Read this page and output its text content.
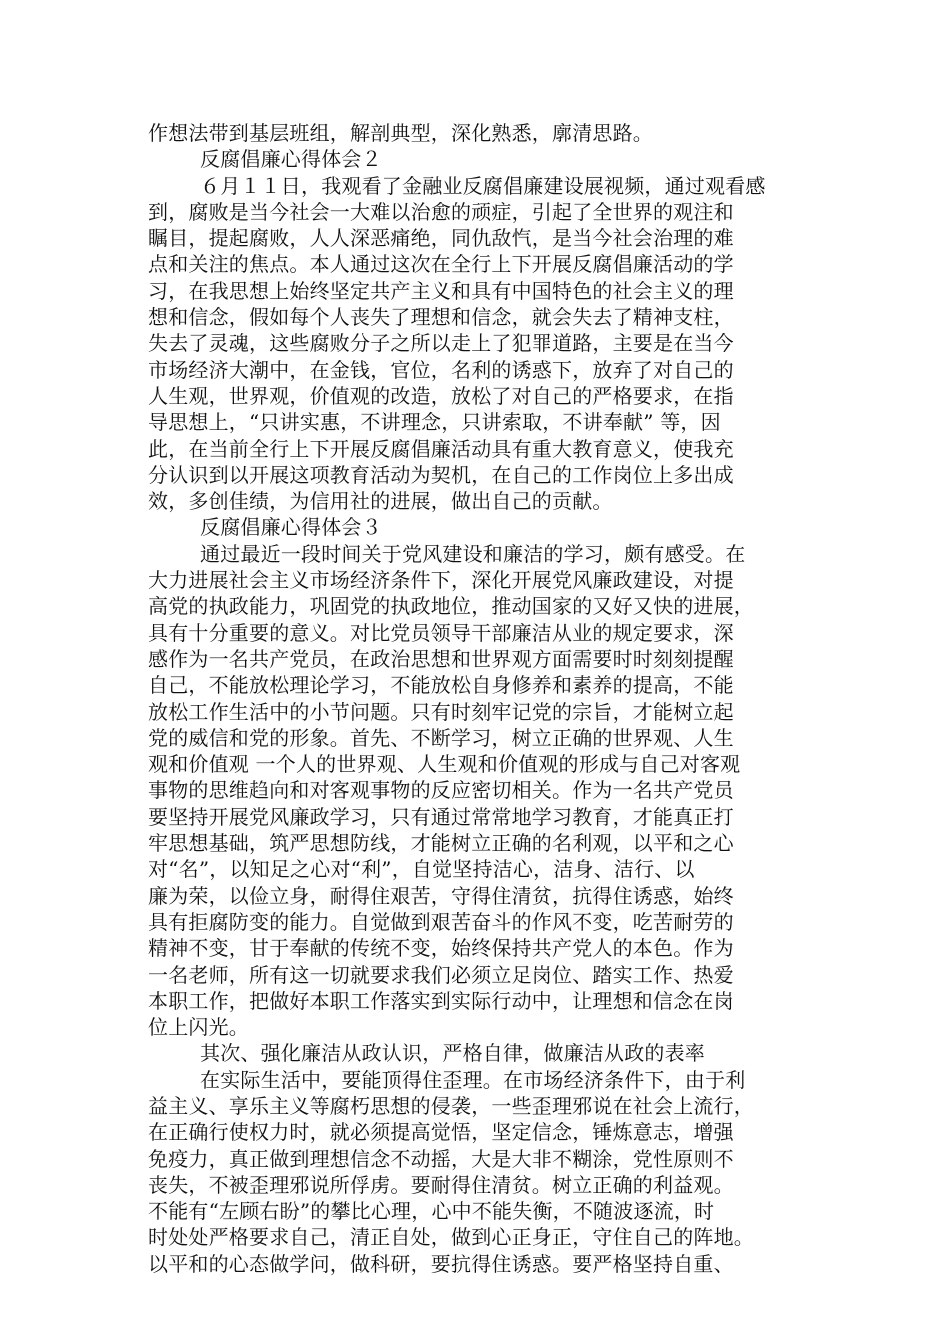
作想法带到基层班组，解剖典型，深化熟悉，廓清思路。
反腐倡廉心得体会２
６月１１日，我观看了金融业反腐倡廉建设展视频，通过观看感
到，腐败是当今社会一大难以治愈的顽症，引起了全世界的观注和
瞩目，提起腐败，人人深恶痛绝，同仇敌忾，是当今社会治理的难
点和关注的焦点。本人通过这次在全行上下开展反腐倡廉活动的学
习，在我思想上始终坚定共产主义和具有中国特色的社会主义的理
想和信念，假如每个人丧失了理想和信念，就会失去了精神支柱，
失去了灵魂，这些腐败分子之所以走上了犯罪道路，主要是在当今
市场经济大潮中，在金钱，官位，名利的诱惑下，放弃了对自己的
人生观，世界观，价值观的改造，放松了对自己的严格要求，在指
导思想上，“只讲实惠，不讲理念，只讲索取，不讲奉献” 等，因
此，在当前全行上下开展反腐倡廉活动具有重大教育意义，使我充
分认识到以开展这项教育活动为契机，在自己的工作岗位上多出成
效，多创佳绩，为信用社的进展，做出自己的贡献。
反腐倡廉心得体会３
通过最近一段时间关于党风建设和廉洁的学习，颇有感受。在
大力进展社会主义市场经济条件下，深化开展党风廉政建设，对提
高党的执政能力，巩固党的执政地位，推动国家的又好又快的进展，
具有十分重要的意义。对比党员领导干部廉洁从业的规定要求，深
感作为一名共产党员，在政治思想和世界观方面需要时时刻刻提醒
自己，不能放松理论学习，不能放松自身修养和素养的提高，不能
放松工作生活中的小节问题。只有时刻牢记党的宗旨，才能树立起
党的威信和党的形象。首先、不断学习，树立正确的世界观、人生
观和价值观 一个人的世界观、人生观和价值观的形成与自己对客观
事物的思维趋向和对客观事物的反应密切相关。作为一名共产党员
要坚持开展党风廉政学习，只有通过常常地学习教育，才能真正打
牢思想基础，筑严思想防线，才能树立正确的名利观，以平和之心
对“名”，以知足之心对“利”，自觉坚持洁心，洁身、洁行、以
廉为荣，以俭立身，耐得住艰苦，守得住清贫，抗得住诱惑，始终
具有拒腐防变的能力。自觉做到艰苦奋斗的作风不变，吃苦耐劳的
精神不变，甘于奉献的传统不变，始终保持共产党人的本色。作为
一名老师，所有这一切就要求我们必须立足岗位、踏实工作、热爱
本职工作，把做好本职工作落实到实际行动中，让理想和信念在岗
位上闪光。
其次、强化廉洁从政认识，严格自律，做廉洁从政的表率
在实际生活中，要能顶得住歪理。在市场经济条件下，由于利
益主义、享乐主义等腐朽思想的侵袭，一些歪理邪说在社会上流行，
在正确行使权力时，就必须提高觉悟，坚定信念，锤炼意志，增强
免疫力，真正做到理想信念不动摇，大是大非不糊涂，党性原则不
丧失，不被歪理邪说所俘虏。要耐得住清贫。树立正确的利益观。
不能有“左顾右盼”的攀比心理，心中不能失衡，不随波逐流，时
时处处严格要求自己，清正自处，做到心正身正，守住自己的阵地。
以平和的心态做学问，做科研，要抗得住诱惑。要严格坚持自重、
